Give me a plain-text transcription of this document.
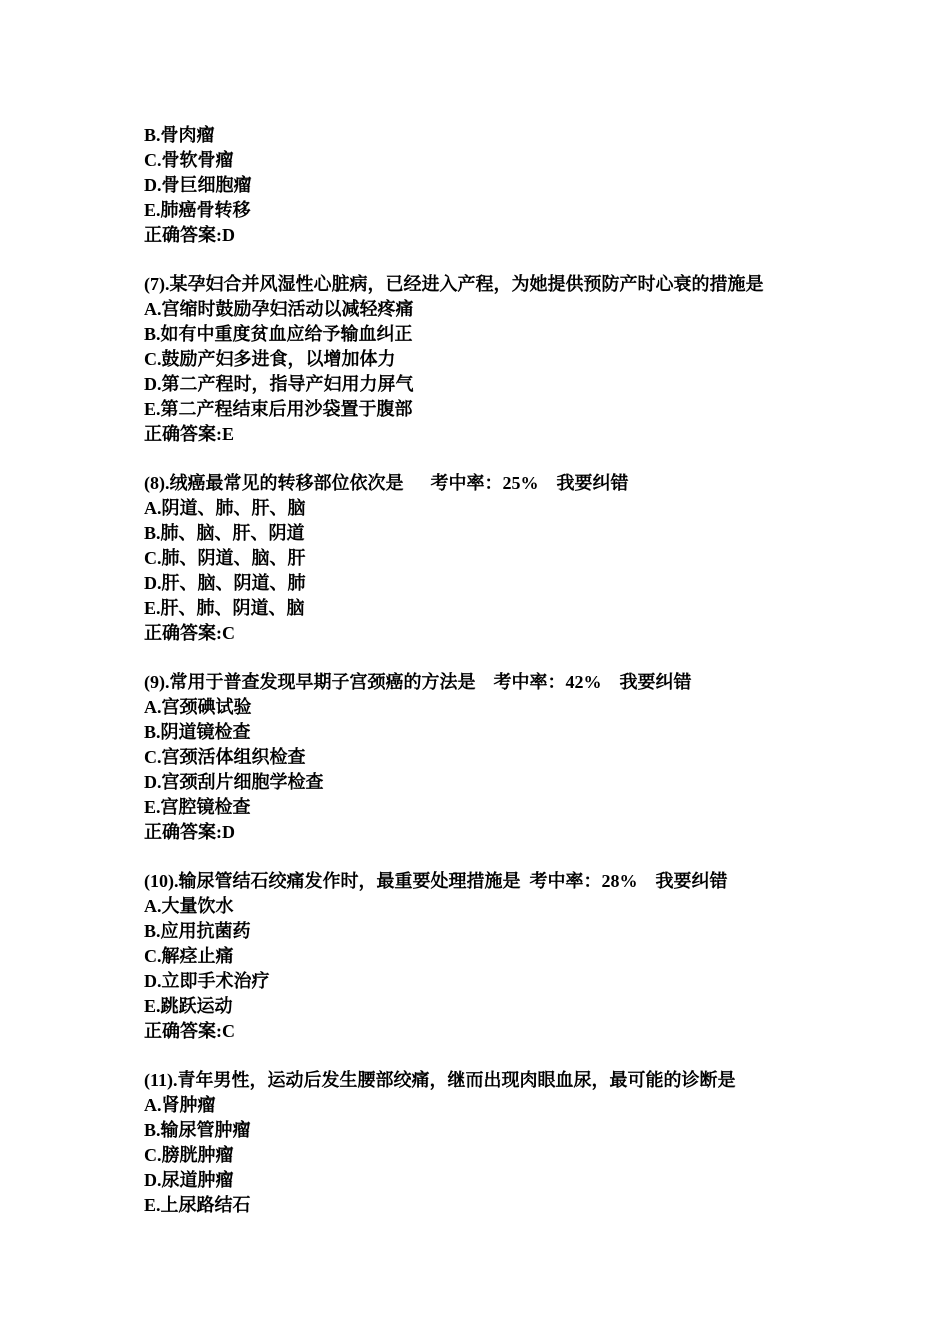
B.骨肉瘤
C.骨软骨瘤
D.骨巨细胞瘤
E.肺癌骨转移
正确答案:D
(7).某孕妇合并风湿性心脏病，已经进入产程，为她提供预防产时心衰的措施是
A.宫缩时鼓励孕妇活动以减轻疼痛
B.如有中重度贫血应给予输血纠正
C.鼓励产妇多进食，以增加体力
D.第二产程时，指导产妇用力屏气
E.第二产程结束后用沙袋置于腹部
正确答案:E
(8).绒癌最常见的转移部位依次是      考中率：25%    我要纠错
A.阴道、肺、肝、脑
B.肺、脑、肝、阴道
C.肺、阴道、脑、肝
D.肝、脑、阴道、肺
E.肝、肺、阴道、脑
正确答案:C
(9).常用于普查发现早期子宫颈癌的方法是    考中率：42%    我要纠错
A.宫颈碘试验
B.阴道镜检查
C.宫颈活体组织检查
D.宫颈刮片细胞学检查
E.宫腔镜检查
正确答案:D
(10).输尿管结石绞痛发作时，最重要处理措施是  考中率：28%    我要纠错
A.大量饮水
B.应用抗菌药
C.解痉止痛
D.立即手术治疗
E.跳跃运动
正确答案:C
(11).青年男性，运动后发生腰部绞痛，继而出现肉眼血尿，最可能的诊断是
A.肾肿瘤
B.输尿管肿瘤
C.膀胱肿瘤
D.尿道肿瘤
E.上尿路结石
